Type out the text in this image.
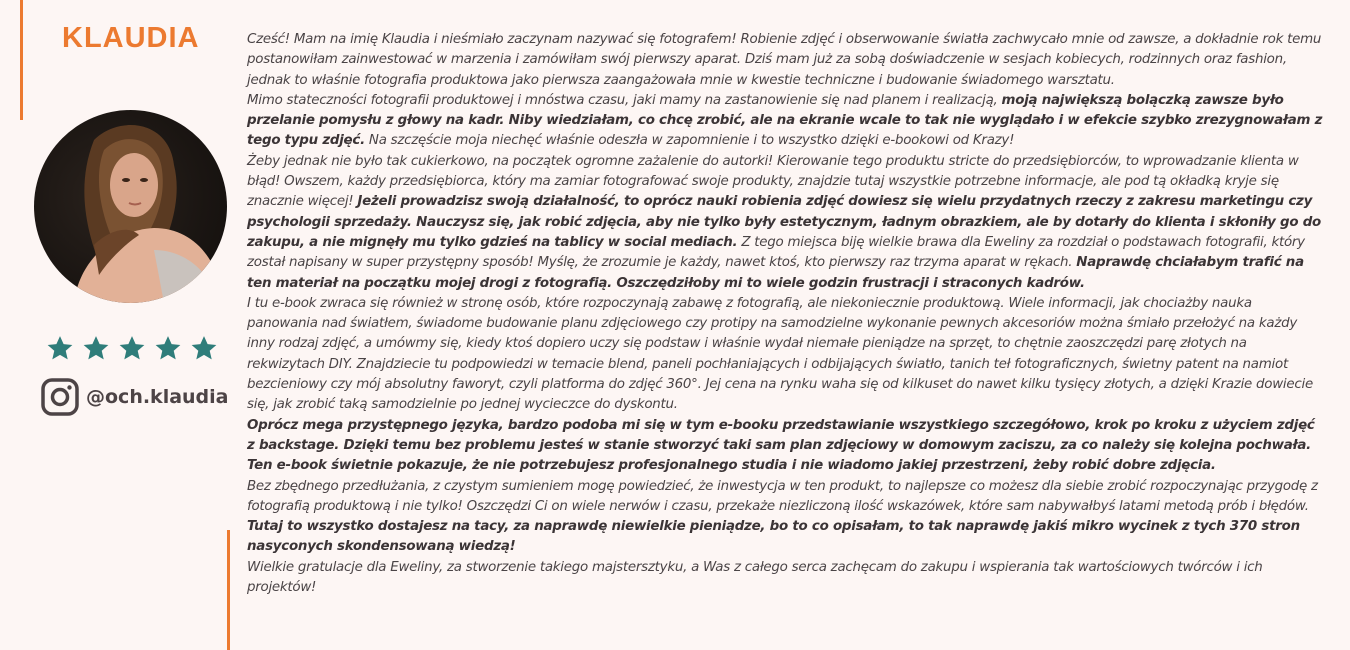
KLAUDIA
@och.klaudia

Cześć! Mam na imię Klaudia i nieśmiało zaczynam nazywać się fotografem! Robienie zdjęć i obserwowanie światła zachwycało mnie od zawsze, a dokładnie rok temu postanowiłam zainwestować w marzenia i zamówiłam swój pierwszy aparat. Dziś mam już za sobą doświadczenie w sesjach kobiecych, rodzinnych oraz fashion, jednak to właśnie fotografia produktowa jako pierwsza zaangażowała mnie w kwestie techniczne i budowanie świadomego warsztatu.

Mimo stateczności fotografii produktowej i mnóstwa czasu, jaki mamy na zastanowienie się nad planem i realizacją, moją największą bolączką zawsze było przelanie pomysłu z głowy na kadr. Niby wiedziałam, co chcę zrobić, ale na ekranie wcale to tak nie wyglądało i w efekcie szybko zrezygnowałam z tego typu zdjęć. Na szczęście moja niechęć właśnie odeszła w zapomnienie i to wszystko dzięki e-bookowi od Krazy!

Żeby jednak nie było tak cukierkowo, na początek ogromne zażalenie do autorki! Kierowanie tego produktu stricte do przedsiębiorców, to wprowadzanie klienta w błąd! Owszem, każdy przedsiębiorca, który ma zamiar fotografować swoje produkty, znajdzie tutaj wszystkie potrzebne informacje, ale pod tą okładką kryje się znacznie więcej! Jeżeli prowadzisz swoją działalność, to oprócz nauki robienia zdjęć dowiesz się wielu przydatnych rzeczy z zakresu marketingu czy psychologii sprzedaży. Nauczysz się, jak robić zdjęcia, aby nie tylko były estetycznym, ładnym obrazkiem, ale by dotarły do klienta i skłoniły go do zakupu, a nie mignęły mu tylko gdzieś na tablicy w social mediach. Z tego miejsca biję wielkie brawa dla Eweliny za rozdział o podstawach fotografii, który został napisany w super przystępny sposób! Myślę, że zrozumie je każdy, nawet ktoś, kto pierwszy raz trzyma aparat w rękach. Naprawdę chciałabym trafić na ten materiał na początku mojej drogi z fotografią. Oszczędziłoby mi to wiele godzin frustracji i straconych kadrów.

I tu e-book zwraca się również w stronę osób, które rozpoczynają zabawę z fotografią, ale niekoniecznie produktową. Wiele informacji, jak chociażby nauka panowania nad światłem, świadome budowanie planu zdjęciowego czy protipy na samodzielne wykonanie pewnych akcesoriów można śmiało przełożyć na każdy inny rodzaj zdjęć, a umówmy się, kiedy ktoś dopiero uczy się podstaw i właśnie wydał niemałe pieniądze na sprzęt, to chętnie zaoszczędzi parę złotych na rekwizytach DIY. Znajdziecie tu podpowiedzi w temacie blend, paneli pochłaniających i odbijających światło, tanich teł fotograficznych, świetny patent na namiot bezcieniowy czy mój absolutny faworyt, czyli platforma do zdjęć 360°. Jej cena na rynku waha się od kilkuset do nawet kilku tysięcy złotych, a dzięki Krazie dowiecie się, jak zrobić taką samodzielnie po jednej wycieczce do dyskontu.

Oprócz mega przystępnego języka, bardzo podoba mi się w tym e-booku przedstawianie wszystkiego szczegółowo, krok po kroku z użyciem zdjęć z backstage. Dzięki temu bez problemu jesteś w stanie stworzyć taki sam plan zdjęciowy w domowym zaciszu, za co należy się kolejna pochwała. Ten e-book świetnie pokazuje, że nie potrzebujesz profesjonalnego studia i nie wiadomo jakiej przestrzeni, żeby robić dobre zdjęcia.

Bez zbędnego przedłużania, z czystym sumieniem mogę powiedzieć, że inwestycja w ten produkt, to najlepsze co możesz dla siebie zrobić rozpoczynając przygodę z fotografią produktową i nie tylko! Oszczędzi Ci on wiele nerwów i czasu, przekaże niezliczoną ilość wskazówek, które sam nabywałbyś latami metodą prób i błędów.

Tutaj to wszystko dostajesz na tacy, za naprawdę niewielkie pieniądze, bo to co opisałam, to tak naprawdę jakiś mikro wycinek z tych 370 stron nasyconych skondensowaną wiedzą!

Wielkie gratulacje dla Eweliny, za stworzenie takiego majstersztyku, a Was z całego serca zachęcam do zakupu i wspierania tak wartościowych twórców i ich projektów!
